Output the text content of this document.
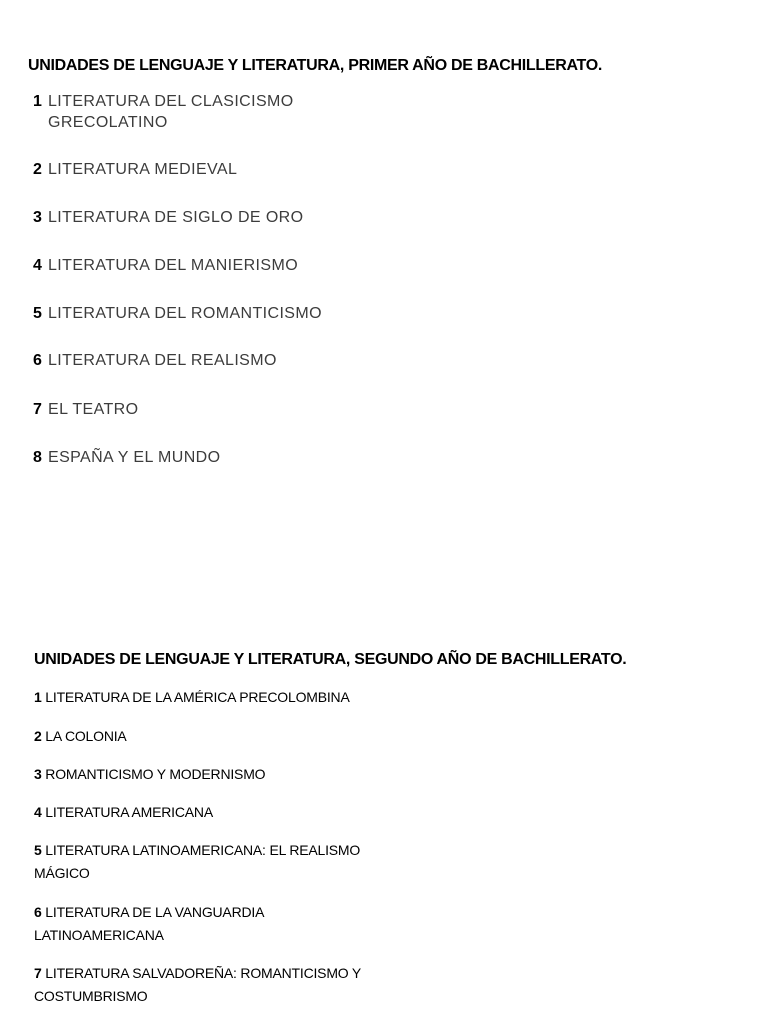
UNIDADES DE LENGUAJE Y LITERATURA, PRIMER AÑO DE BACHILLERATO.
1 LITERATURA DEL CLASICISMO GRECOLATINO
2 LITERATURA MEDIEVAL
3 LITERATURA DE SIGLO DE ORO
4 LITERATURA DEL MANIERISMO
5 LITERATURA DEL ROMANTICISMO
6 LITERATURA DEL REALISMO
7 EL TEATRO
8 ESPAÑA Y EL MUNDO
UNIDADES DE LENGUAJE Y LITERATURA, SEGUNDO AÑO DE BACHILLERATO.
1 LITERATURA DE LA AMÉRICA PRECOLOMBINA
2 LA COLONIA
3 ROMANTICISMO Y MODERNISMO
4 LITERATURA AMERICANA
5 LITERATURA LATINOAMERICANA: EL REALISMO MÁGICO
6 LITERATURA DE LA VANGUARDIA LATINOAMERICANA
7 LITERATURA SALVADOREÑA: ROMANTICISMO Y COSTUMBRISMO
